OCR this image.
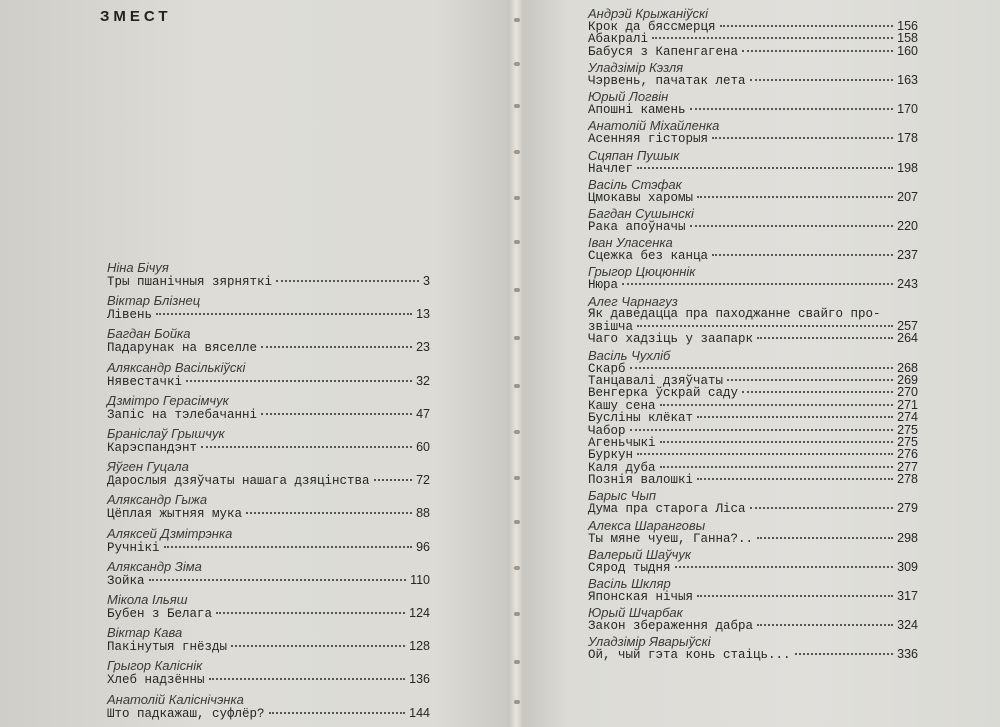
ЗМЕСТ
Ніна Бічуя
Тры пшанічныя зярняткі	3
Віктар Блізнец
Лівень	13
Багдан Бойка
Падарунак на вяселле	23
Аляксандр Васількіўскі
Нявестачкі	32
Дзмітро Герасімчук
Запіс на тэлебачанні	47
Браніслаў Грышчук
Карэспандэнт	60
Яўген Гуцала
Дарослыя дзяўчаты нашага дзяцінства	72
Аляксандр Гыжа
Цёплая жытняя мука	88
Аляксей Дзмітрэнка
Ручнікі	96
Аляксандр Зіма
Зойка	110
Мікола Ільяш
Бубен з Белага	124
Віктар Кава
Пакінутыя гнёзды	128
Грыгор Каліснік
Хлеб надзённы	136
Анатолій Каліснічэнка
Што падкажаш, суфлёр?	144
Андрэй Крыжаніўскі
Крок да бяссмерця	156
Абакралі	158
Бабуся з Капенгагена	160
Уладзімір Кэзля
Чэрвень, пачатак лета	163
Юрый Логвін
Апошні камень	170
Анатолій Міхайленка
Асенняя гісторыя	178
Сцяпан Пушык
Начлег	198
Васіль Стэфак
Цмокавы харомы	207
Багдан Сушынскі
Рака апоўначы	220
Іван Уласенка
Сцежка без канца	237
Грыгор Цюцюннік
Нюра	243
Алег Чарнагуз
Як даведацца пра паходжанне свайго про-
звішча	257
Чаго хадзіць у заапарк	264
Васіль Чухліб
Скарб	268
Танцавалі дзяўчаты	269
Венгерка ўскрай саду	270
Кашу сена	271
Бусліны клёкат	274
Чабор	275
Агеньчыкі	275
Буркун	276
Каля дуба	277
Познія валошкі	278
Барыс Чып
Дума пра старога Ліса	279
Алекса Шаранговы
Ты мяне чуеш, Ганна?..	298
Валерый Шаўчук
Сярод тыдня	309
Васіль Шкляр
Японская нічыя	317
Юрый Шчарбак
Закон збераження дабра	324
Уладзімір Яварыўскі
Ой, чый гэта конь стаіць...	336
